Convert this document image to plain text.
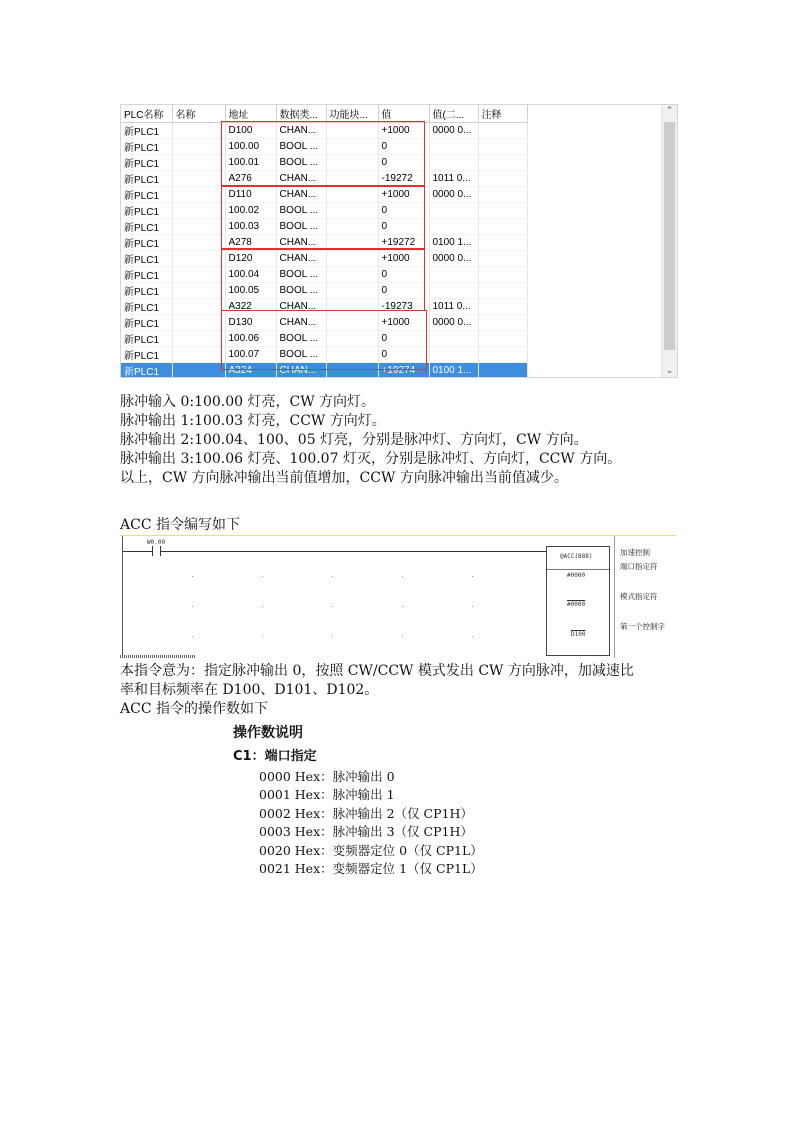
PLC名称	名称	地址	数据类...	功能块...	值	值(二...	注释
新PLC1		D100	CHAN...		+1000	0000 0...	
新PLC1		100.00	BOOL ...		0		
新PLC1		100.01	BOOL ...		0		
新PLC1		A276	CHAN...		-19272	1011 0...	
新PLC1		D110	CHAN...		+1000	0000 0...	
新PLC1		100.02	BOOL ...		0		
新PLC1		100.03	BOOL ...		0		
新PLC1		A278	CHAN...		+19272	0100 1...	
新PLC1		D120	CHAN...		+1000	0000 0...	
新PLC1		100.04	BOOL ...		0		
新PLC1		100.05	BOOL ...		0		
新PLC1		A322	CHAN...		-19273	1011 0...	
新PLC1		D130	CHAN...		+1000	0000 0...	
新PLC1		100.06	BOOL ...		0		
新PLC1		100.07	BOOL ...		0		
新PLC1		A324	CHAN...		+19274	0100 1...	
⌃
⌄

脉冲输入 0:100.00 灯亮，CW 方向灯。

脉冲输出 1:100.03 灯亮，CCW 方向灯。

脉冲输出 2:100.04、100、05 灯亮，分别是脉冲灯、方向灯，CW 方向。

脉冲输出 3:100.06 灯亮、100.07 灯灭，分别是脉冲灯、方向灯，CCW 方向。

以上，CW 方向脉冲输出当前值增加，CCW 方向脉冲输出当前值减少。

ACC 指令编写如下

W0.00
@ACC(888)
#0000
#0000
D100
加速控制
端口指定符
模式指定符
第一个控制字

本指令意为：指定脉冲输出 0，按照 CW/CCW 模式发出 CW 方向脉冲，加减速比

率和目标频率在 D100、D101、D102。

ACC 指令的操作数如下

操作数说明

C1：端口指定

0000 Hex：脉冲输出 0

0001 Hex：脉冲输出 1

0002 Hex：脉冲输出 2（仅 CP1H）

0003 Hex：脉冲输出 3（仅 CP1H）

0020 Hex：变频器定位 0（仅 CP1L）

0021 Hex：变频器定位 1（仅 CP1L）
